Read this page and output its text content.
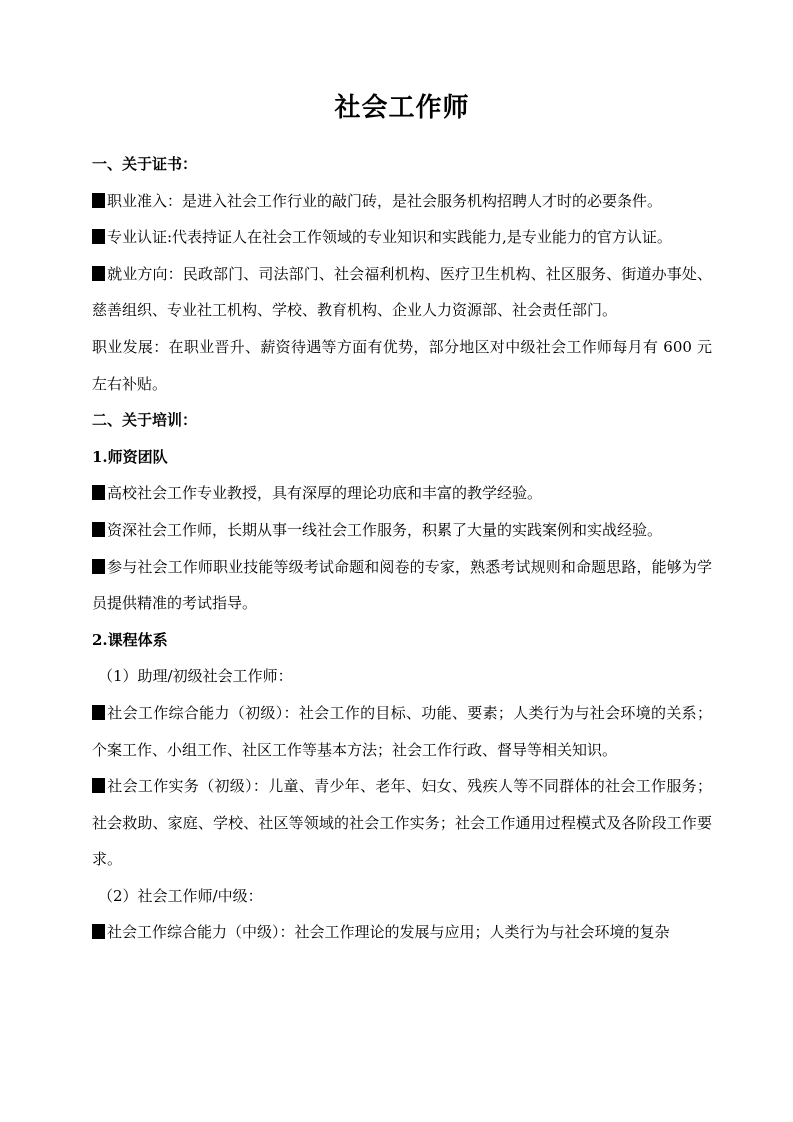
社会工作师
一、关于证书：
职业准入：是进入社会工作行业的敲门砖，是社会服务机构招聘人才时的必要条件。
专业认证:代表持证人在社会工作领域的专业知识和实践能力,是专业能力的官方认证。
就业方向：民政部门、司法部门、社会福利机构、医疗卫生机构、社区服务、街道办事处、慈善组织、专业社工机构、学校、教育机构、企业人力资源部、社会责任部门。
职业发展：在职业晋升、薪资待遇等方面有优势，部分地区对中级社会工作师每月有 600 元左右补贴。
二、关于培训：
1.师资团队
高校社会工作专业教授，具有深厚的理论功底和丰富的教学经验。
资深社会工作师，长期从事一线社会工作服务，积累了大量的实践案例和实战经验。
参与社会工作师职业技能等级考试命题和阅卷的专家，熟悉考试规则和命题思路，能够为学员提供精准的考试指导。
2.课程体系
（1）助理/初级社会工作师：
社会工作综合能力（初级）：社会工作的目标、功能、要素；人类行为与社会环境的关系；个案工作、小组工作、社区工作等基本方法；社会工作行政、督导等相关知识。
社会工作实务（初级）：儿童、青少年、老年、妇女、残疾人等不同群体的社会工作服务；社会救助、家庭、学校、社区等领域的社会工作实务；社会工作通用过程模式及各阶段工作要求。
（2）社会工作师/中级：
社会工作综合能力（中级）：社会工作理论的发展与应用；人类行为与社会环境的复杂
